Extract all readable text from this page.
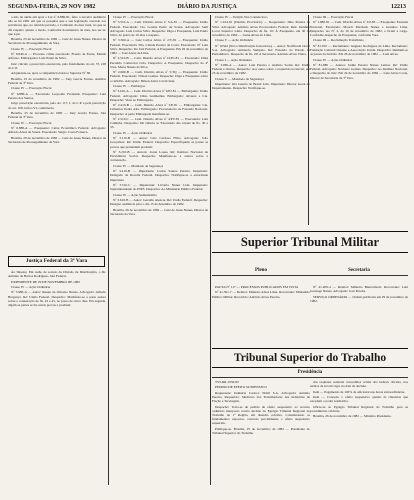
SEGUNDA-FEIRA, 29 NOV 1982	DIÁRIO DA JUSTIÇA	12213

a não da ainda em após a Lei nº 6.886-81, feito a terceira audiência não se há 1981 em que se pesquisa que a sua legislação concede aos servidores que, no referido período, a Comissão da área rural, no que se diz respeito quanto a modo. Conforme documentos da área, nos ser do que aqui.

Brasília, 25 de novembro de 1982 — Luiz de Jesus Nunes, Diretor da Secretaria de Prosseguimento da Vara.

Classe IV — Execução Fiscal

Nº 6.840-A — Processo crime executado: Frazão da Fonte, Manda Alfonso, Embargados: Luiz Paula da Silva.

Juiz: cálculo a prescrição executória, pelo fundamento do art. 37, 218 do C.P.

Adquirente-se, após a competência baixa e Superior Nº 60.

Brasília, 25 de novembro de 1982 — Jany Garcia Fontes, Auxiliar Federal da 3ª Vara.

Classe IV — Execução Fiscal

Nº 6.880-A — Executado Leopoldo Fernando Exequente: Luiz Pereira dos Santos.

Julgo prescrição executória, pelo art. 117, I, do C.P. e pela prescrição do art. 109, inciso VI, combinado.

Brasília, 25 de novembro de 1982 — Jany Garcia Fontes, Juiz Federal da 3ª Vara.

Classe IV — Execução Fiscal

Nº 6.888-A — Exequente: Caixa Econômica Federal. Advogado: Alfredo Alves de Souza. Executado: Sérgio Costa Fonseca.

Brasília, 29 de novembro de 1982 — Luiz de Jesus Nunes, Diretor da Secretaria de Prosseguimento da Vara.

Justiça Federal da 3ª Vara

Às Tabelas: Em razão de sorteio da Divisão de Distribuição, o Dr. Antônio de Barros Rodrigues, Juiz Federal.

EXPEDIENTE DE 29 DE NOVEMBRO DE 1982

Classe IV — Ação Ordinária

Nº 3.980-A — Autor: Renan de Oliveira Nunes. Advogado: Alfredo Bragança. Ré: União Federal. Despacho: Manifeste-se a parte autora sobre a contestação de fls. 22 e 45, no prazo de cinco dias. Em seguida, digam as partes se há outras provas a produzir.

Classe IV — Execução Fiscal

Nº 3.510-A — Cem. Distrito Alves nº 5/A-81 — Exequente: União Federal. Executado: Cia. Goiana Pedro de Souza. Advogado: Sem Advogado. Luiz Carlos Silva. Despacho: Diga a Exequente, Luiz Paulo Silva, no prazo de 10 dias a respeito.

Nº 3.560-A — Luiz Carlos Alves nº 2/V-81 — Exequente: União Federal. Executado: Dra. Cidade Pereira da Costa. Executado: Nº Luiz Silva. Despacho: Do Juiz Federal, A Exequente. Em 26 de novembro de 1982 — José Alves de Lima.

Nº 2.510-B — Cem. Distrito Alves nº 10/PJ-81 — Executado: Idiná Pecuária Comercial Ltda. Despacho: A Exequente, Despacho da 4ª Vara. Maria Nunes da Silva.

Nº 2.660-B — Cem. Distrito Alves nº 5/TQ — Exequente: União Federal. Executado: Nilson Gomes. Despacho: Diga a Exequente sobre a certidão. Advogado: Dilson Alves Cavalcante.

Classe IV — Embargos

Nº 3.010-A — Cem. Distrito Alves nº 9/PJ-81 — Embargante: União Federal. Advogado: Ditas Guimarães. Embargado: Alvarez e Cia. Despacho: Vista ao Embargado.

Nº 2.410-B — Cem. Distrito Alves nº 5/P-81 — Embargante: Cia. Cimentos Pedra Alta. Embargado: Procuradoria da Fazenda Nacional. Despacho: A parte Embargada manifeste-se.

Nº 2.510-C — Cem. Distrito Alves nº 4/PV-81 — Executado: Luiz Caminha. Despacho: Dê ciência ao Executado das cópias de fls. 30 a 35.

Classe IV — Ação Ordinária

Nº 3.110-B — Autor: Luiz Cardoso Filho. Advogado: João Gonçalves. Ré: União Federal. Despacho: Especifiquem as partes as provas que pretendem produzir.

Nº 3.210-B — Autora: Joana Lopes. Ré: Instituto Nacional de Previdência Social. Despacho: Manifeste-se a autora sobre a contestação.

Classe IV — Mandado de Segurança

Nº 3.410-B — Impetrante: Carlos Santos Pereira. Impetrado: Delegado da Receita Federal. Despacho: Notifique-se a autoridade impetrada.

Nº 3.510-C — Impetrante: Livraria Nunes Ltda. Impetrado: Superintendente do INPS. Despacho: Ao Ministério Público Federal.

Classe IV — Ação Sumaríssima

Nº 3.610-B — Autor: Geraldo Alencar. Ré: União Federal. Despacho: Designo audiência para o dia 15 de dezembro de 1982.

Brasília, 26 de novembro de 1982 — Luiz de Jesus Nunes, Diretor da Secretaria da Vara.

Classe IV — Petição Nos Contencioso

Nº 1.014-81 (Distrito Provisório) — Requerente: Júlio Pereira da Silva. Advogado: Antônio Alves Procuradoria Federal. Réu: Instituto Local Superior Lima. Despacho de fls. 10: À Exequente, em 30 de novembro de 1982 — Joana Alves de Lima.

Classe V — Ação Ordinária

Nº 10342 (Novo Distribuição honorários) — Autor: Notificada Oscar S.A. Advogado: Armando Sampaio. Ré: Fazenda do Estado de Pernambuco. Despacho de fls. 20: A Secretaria. Antônio Alves Vieira.

Classe I — Ação Ordinária

Nº 3.960-A — Autor: Luiz Pereira e Antônio Sodré. Ré: União Federal e Outros. Despacho: Aos autos sobre o requerido na inicial, em 25 de novembro de 1982.

Classe V — Mandado de Segurança

Impetrante: Ora Gazeta do Brasil Ltda. Impetrado: Diretor Geral do Departamento. Despacho: Notifique-se.

Classe III — Execução Fiscal

Nº 1.880-81 — Cem. Distrito Alves nº 3/0-83 — Exequente: Fazenda Nacional. Executado: Moacir Machado Nunes e Granitos Lima. Despacho: Ao Nº 2, de 10 de novembro de 1982, e ficam a cargo. Conforme despacho da Exequente, conforme Vara.

Classe III — Reclamação Trabalhista

Nº 81.910 — Reclamante: Augusto Rodrigues de Lima. Reclamado: Fundação Cultural Oriente e Associação Unida. Despacho: Intimem-se as partes da decisão. Em 26 de novembro de 1982 — Luiz Alves.

Classe IV — Ação Ordinária

Nº 81.980 — Autora: Judite Pereira Nunes Lemos. Ré: União Federal. Advogado: Norberto Gomes. Despacho: Ao Instituto Nacional, e Despacho do Juiz. Em 24 de novembro de 1982 — Luiz Alves Costa, Diretor de Secretaria da 3ª Vara.

Superior Tribunal Militar
Pleno	Secretaria

PAUTA Nº 117 — PROCESSOS PUBLICADOS EM VISTA

Nº 41.301-7 — Relator: Ministro Alves Lima. Recorrente: Ministério Público Militar. Recorrido: Antônio Alves Pereira.

Nº 41.209-4 — Relator: Ministro Bierrenbach. Recorrente: Luiz Gonzaga Nunes. Advogado: José Pereira.

SERVIÇO ORDINÁRIO — Ordem publicada em 29 de novembro de 1982.

Tribunal Superior do Trabalho
Presidência

TST-RR-1930-82

PEDIDO DE EFEITO SUSPENSIVO

Requerente: Indústria Carioca Têxtil S.A. Advogado: Antônio Pereira. Requerido: Sindicato dos Trabalhadores nas Indústrias de Fiação e Tecelagem.

Despacho: Trata-se de pedido de efeito suspensivo ao recurso ordinário interposto contra decisão do Egrégio Tribunal Regional do Trabalho da 1ª Região, em dissídio coletivo. Considerando os fundamentos expostos, concedo parcialmente o efeito suspensivo requerido.

Publique-se. Brasília, 25 de novembro de 1982 — Presidente do Tribunal Superior do Trabalho.

dos reajustes salariais concedidos acima dos índices oficiais, nos termos da lei em vigor na data da decisão.

Item — Pagamento de 100% de adicional nas horas extraordinárias.

Item — Concedo o efeito suspensivo quanto às cláusulas que excedem o poder normativo.

Oficie-se ao Egrégio Tribunal Regional do Trabalho para as providências cabíveis.

Brasília, 26 de novembro de 1982 — Ministro Presidente.
